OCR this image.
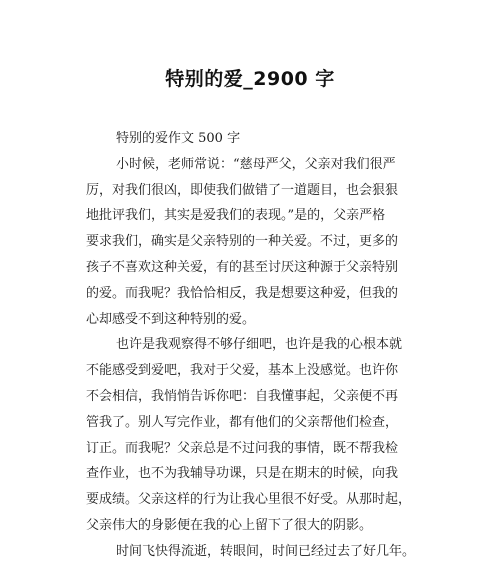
特别的爱_2900 字
特别的爱作文 500 字
小时候，老师常说：“慈母严父，父亲对我们很严
厉，对我们很凶，即使我们做错了一道题目，也会狠狠
地批评我们，其实是爱我们的表现。”是的，父亲严格
要求我们，确实是父亲特别的一种关爱。不过，更多的
孩子不喜欢这种关爱，有的甚至讨厌这种源于父亲特别
的爱。而我呢？我恰恰相反，我是想要这种爱，但我的
心却感受不到这种特别的爱。
也许是我观察得不够仔细吧，也许是我的心根本就
不能感受到爱吧，我对于父爱，基本上没感觉。也许你
不会相信，我悄悄告诉你吧：自我懂事起，父亲便不再
管我了。别人写完作业，都有他们的父亲帮他们检查，
订正。而我呢？父亲总是不过问我的事情，既不帮我检
查作业，也不为我辅导功课，只是在期末的时候，向我
要成绩。父亲这样的行为让我心里很不好受。从那时起，
父亲伟大的身影便在我的心上留下了很大的阴影。
时间飞快得流逝，转眼间，时间已经过去了好几年。
